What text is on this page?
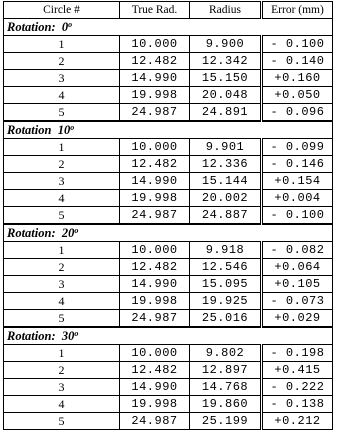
Circle #	True Rad.	Radius	Error (mm)
Rotation: 0$^o$
1	10.000	9.900	- 0.100
2	12.482	12.342	- 0.140
3	14.990	15.150	+0.160
4	19.998	20.048	+0.050
5	24.987	24.891	- 0.096
Rotation 10$^o$
1	10.000	9.901	- 0.099
2	12.482	12.336	- 0.146
3	14.990	15.144	+0.154
4	19.998	20.002	+0.004
5	24.987	24.887	- 0.100
Rotation: 20$^o$
1	10.000	9.918	- 0.082
2	12.482	12.546	+0.064
3	14.990	15.095	+0.105
4	19.998	19.925	- 0.073
5	24.987	25.016	+0.029
Rotation: 30$^o$
1	10.000	9.802	- 0.198
2	12.482	12.897	+0.415
3	14.990	14.768	- 0.222
4	19.998	19.860	- 0.138
5	24.987	25.199	+0.212
